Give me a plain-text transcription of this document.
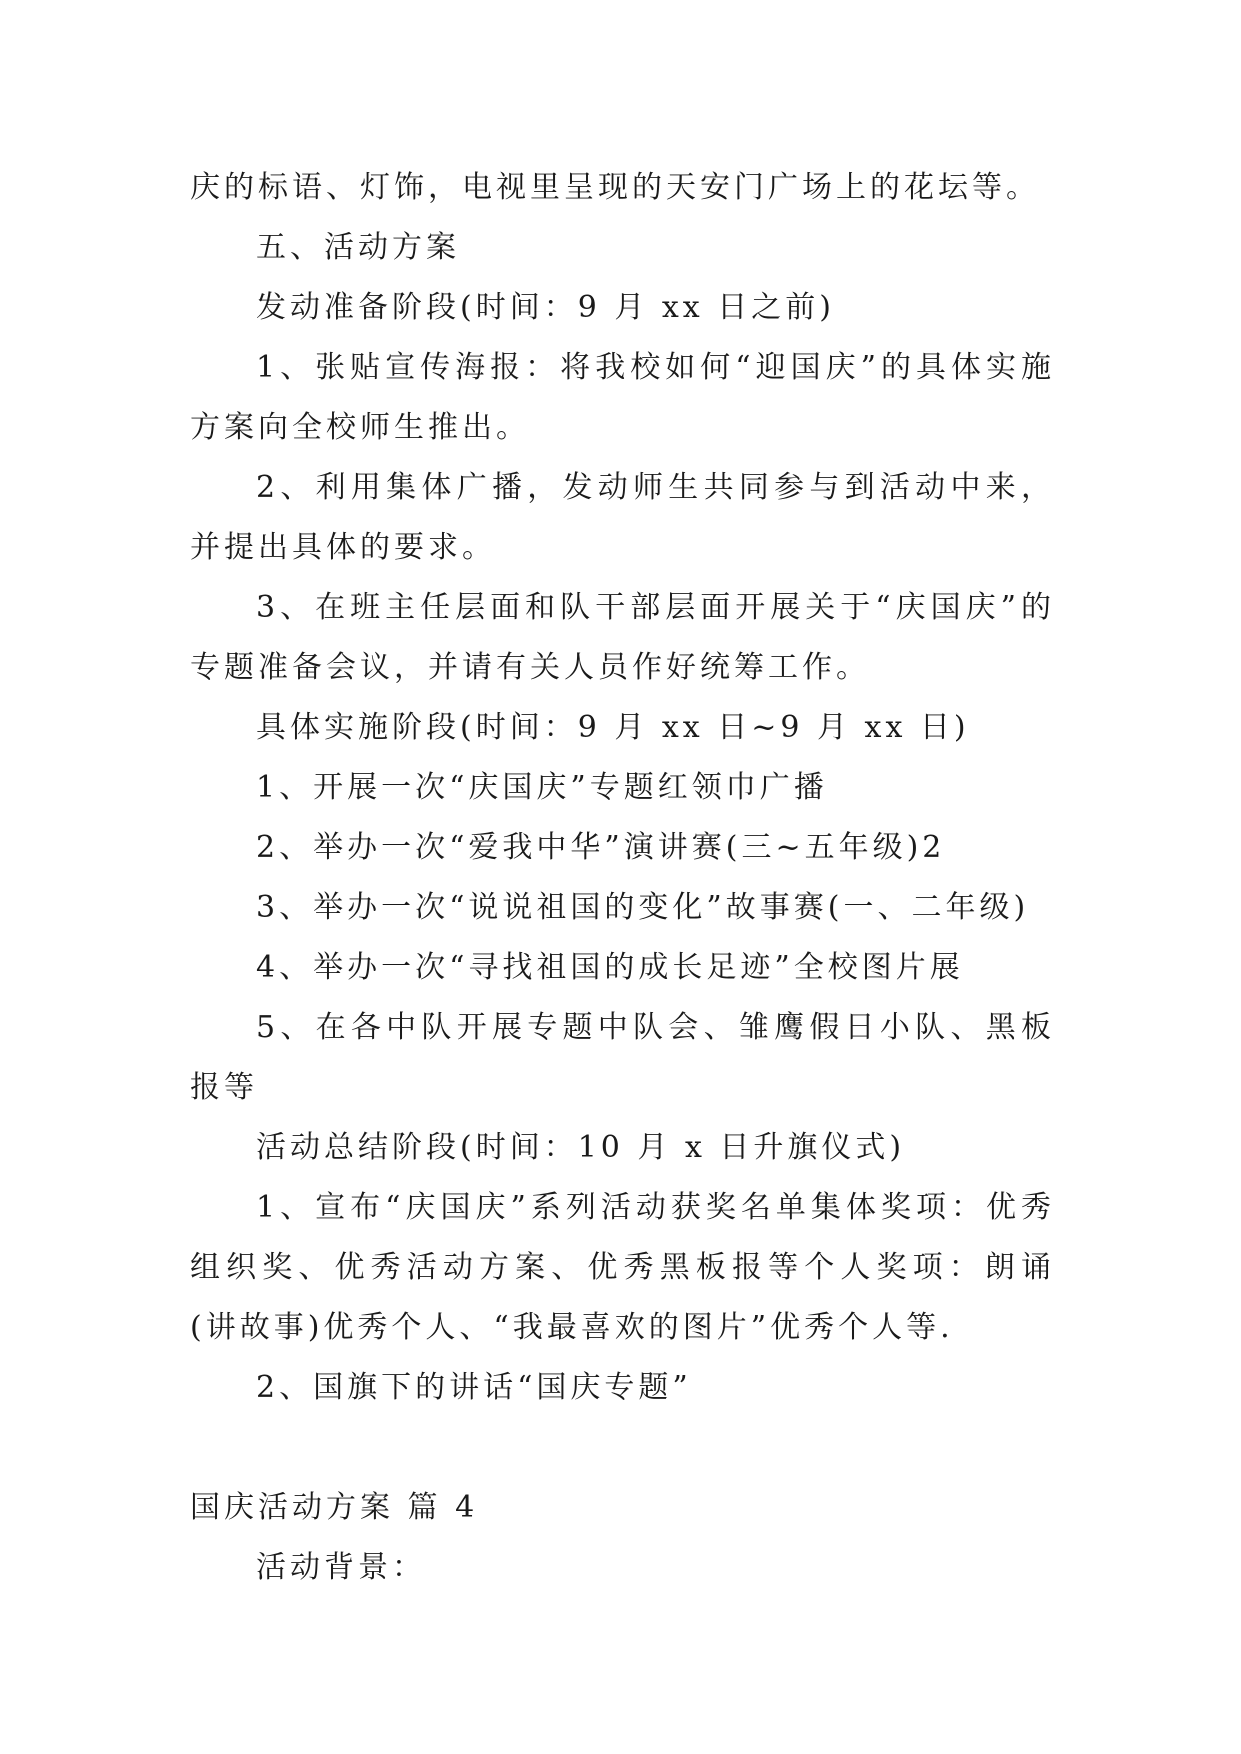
庆的标语、灯饰，电视里呈现的天安门广场上的花坛等。

五、活动方案

发动准备阶段(时间：9 月 xx 日之前)

1、张贴宣传海报：将我校如何“迎国庆”的具体实施方案向全校师生推出。

2、利用集体广播，发动师生共同参与到活动中来，并提出具体的要求。

3、在班主任层面和队干部层面开展关于“庆国庆”的专题准备会议，并请有关人员作好统筹工作。

具体实施阶段(时间：9 月 xx 日~9 月 xx 日)

1、开展一次“庆国庆”专题红领巾广播

2、举办一次“爱我中华”演讲赛(三~五年级)2

3、举办一次“说说祖国的变化”故事赛(一、二年级)

4、举办一次“寻找祖国的成长足迹”全校图片展

5、在各中队开展专题中队会、雏鹰假日小队、黑板报等

活动总结阶段(时间：10 月 x 日升旗仪式)

1、宣布“庆国庆”系列活动获奖名单集体奖项：优秀组织奖、优秀活动方案、优秀黑板报等个人奖项：朗诵(讲故事)优秀个人、“我最喜欢的图片”优秀个人等.

2、国旗下的讲话“国庆专题”

国庆活动方案 篇 4

活动背景：
